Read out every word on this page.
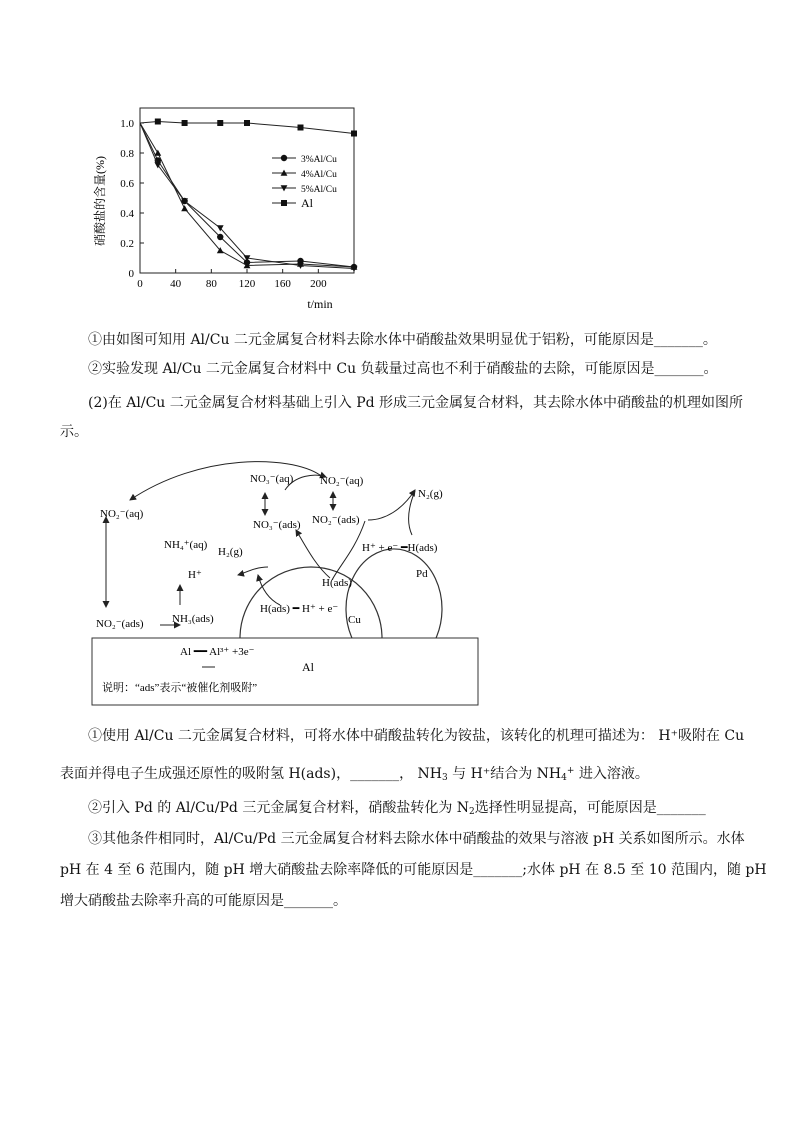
0 40 80 120 160 200
0
0.2
0.4
0.6
0.8
1.0
3%Al/Cu
4%Al/Cu
5%Al/Cu
Al
硝酸盐的含量(%)
t/min
①由如图可知用 Al/Cu 二元金属复合材料去除水体中硝酸盐效果明显优于铝粉，可能原因是_______。
②实验发现 Al/Cu 二元金属复合材料中 Cu 负载量过高也不利于硝酸盐的去除，可能原因是_______。
(2)在 Al/Cu 二元金属复合材料基础上引入 Pd 形成三元金属复合材料，其去除水体中硝酸盐的机理如图所
示。
NO₃⁻(aq) NO₂⁻(aq)
NO₂⁻(aq)
NO₃⁻(ads) NO₂⁻(ads)
NH₄⁺(aq)
H⁺
H₂(g)
N₂(g)
H⁺ + e⁻ ━H(ads)
H(ads)
Pd
H(ads) ━ H⁺ + e⁻
Cu
NO₂⁻(ads)	NH₃(ads)
Al ━━ Al³⁺ +3e⁻
Al
说明：“ads”表示“被催化剂吸附”
①使用 Al/Cu 二元金属复合材料，可将水体中硝酸盐转化为铵盐，该转化的机理可描述为： H⁺吸附在 Cu
表面并得电子生成强还原性的吸附氢 H(ads)，_______， $NH_3$ 与 H⁺结合为 $NH_4^+$ 进入溶液。
②引入 Pd 的 Al/Cu/Pd 三元金属复合材料，硝酸盐转化为 $N_2$选择性明显提高，可能原因是_______
③其他条件相同时，Al/Cu/Pd 三元金属复合材料去除水体中硝酸盐的效果与溶液 pH 关系如图所示。水体
pH 在 4 至 6 范围内，随 pH 增大硝酸盐去除率降低的可能原因是_______;水体 pH 在 8.5 至 10 范围内，随 pH
增大硝酸盐去除率升高的可能原因是_______。
